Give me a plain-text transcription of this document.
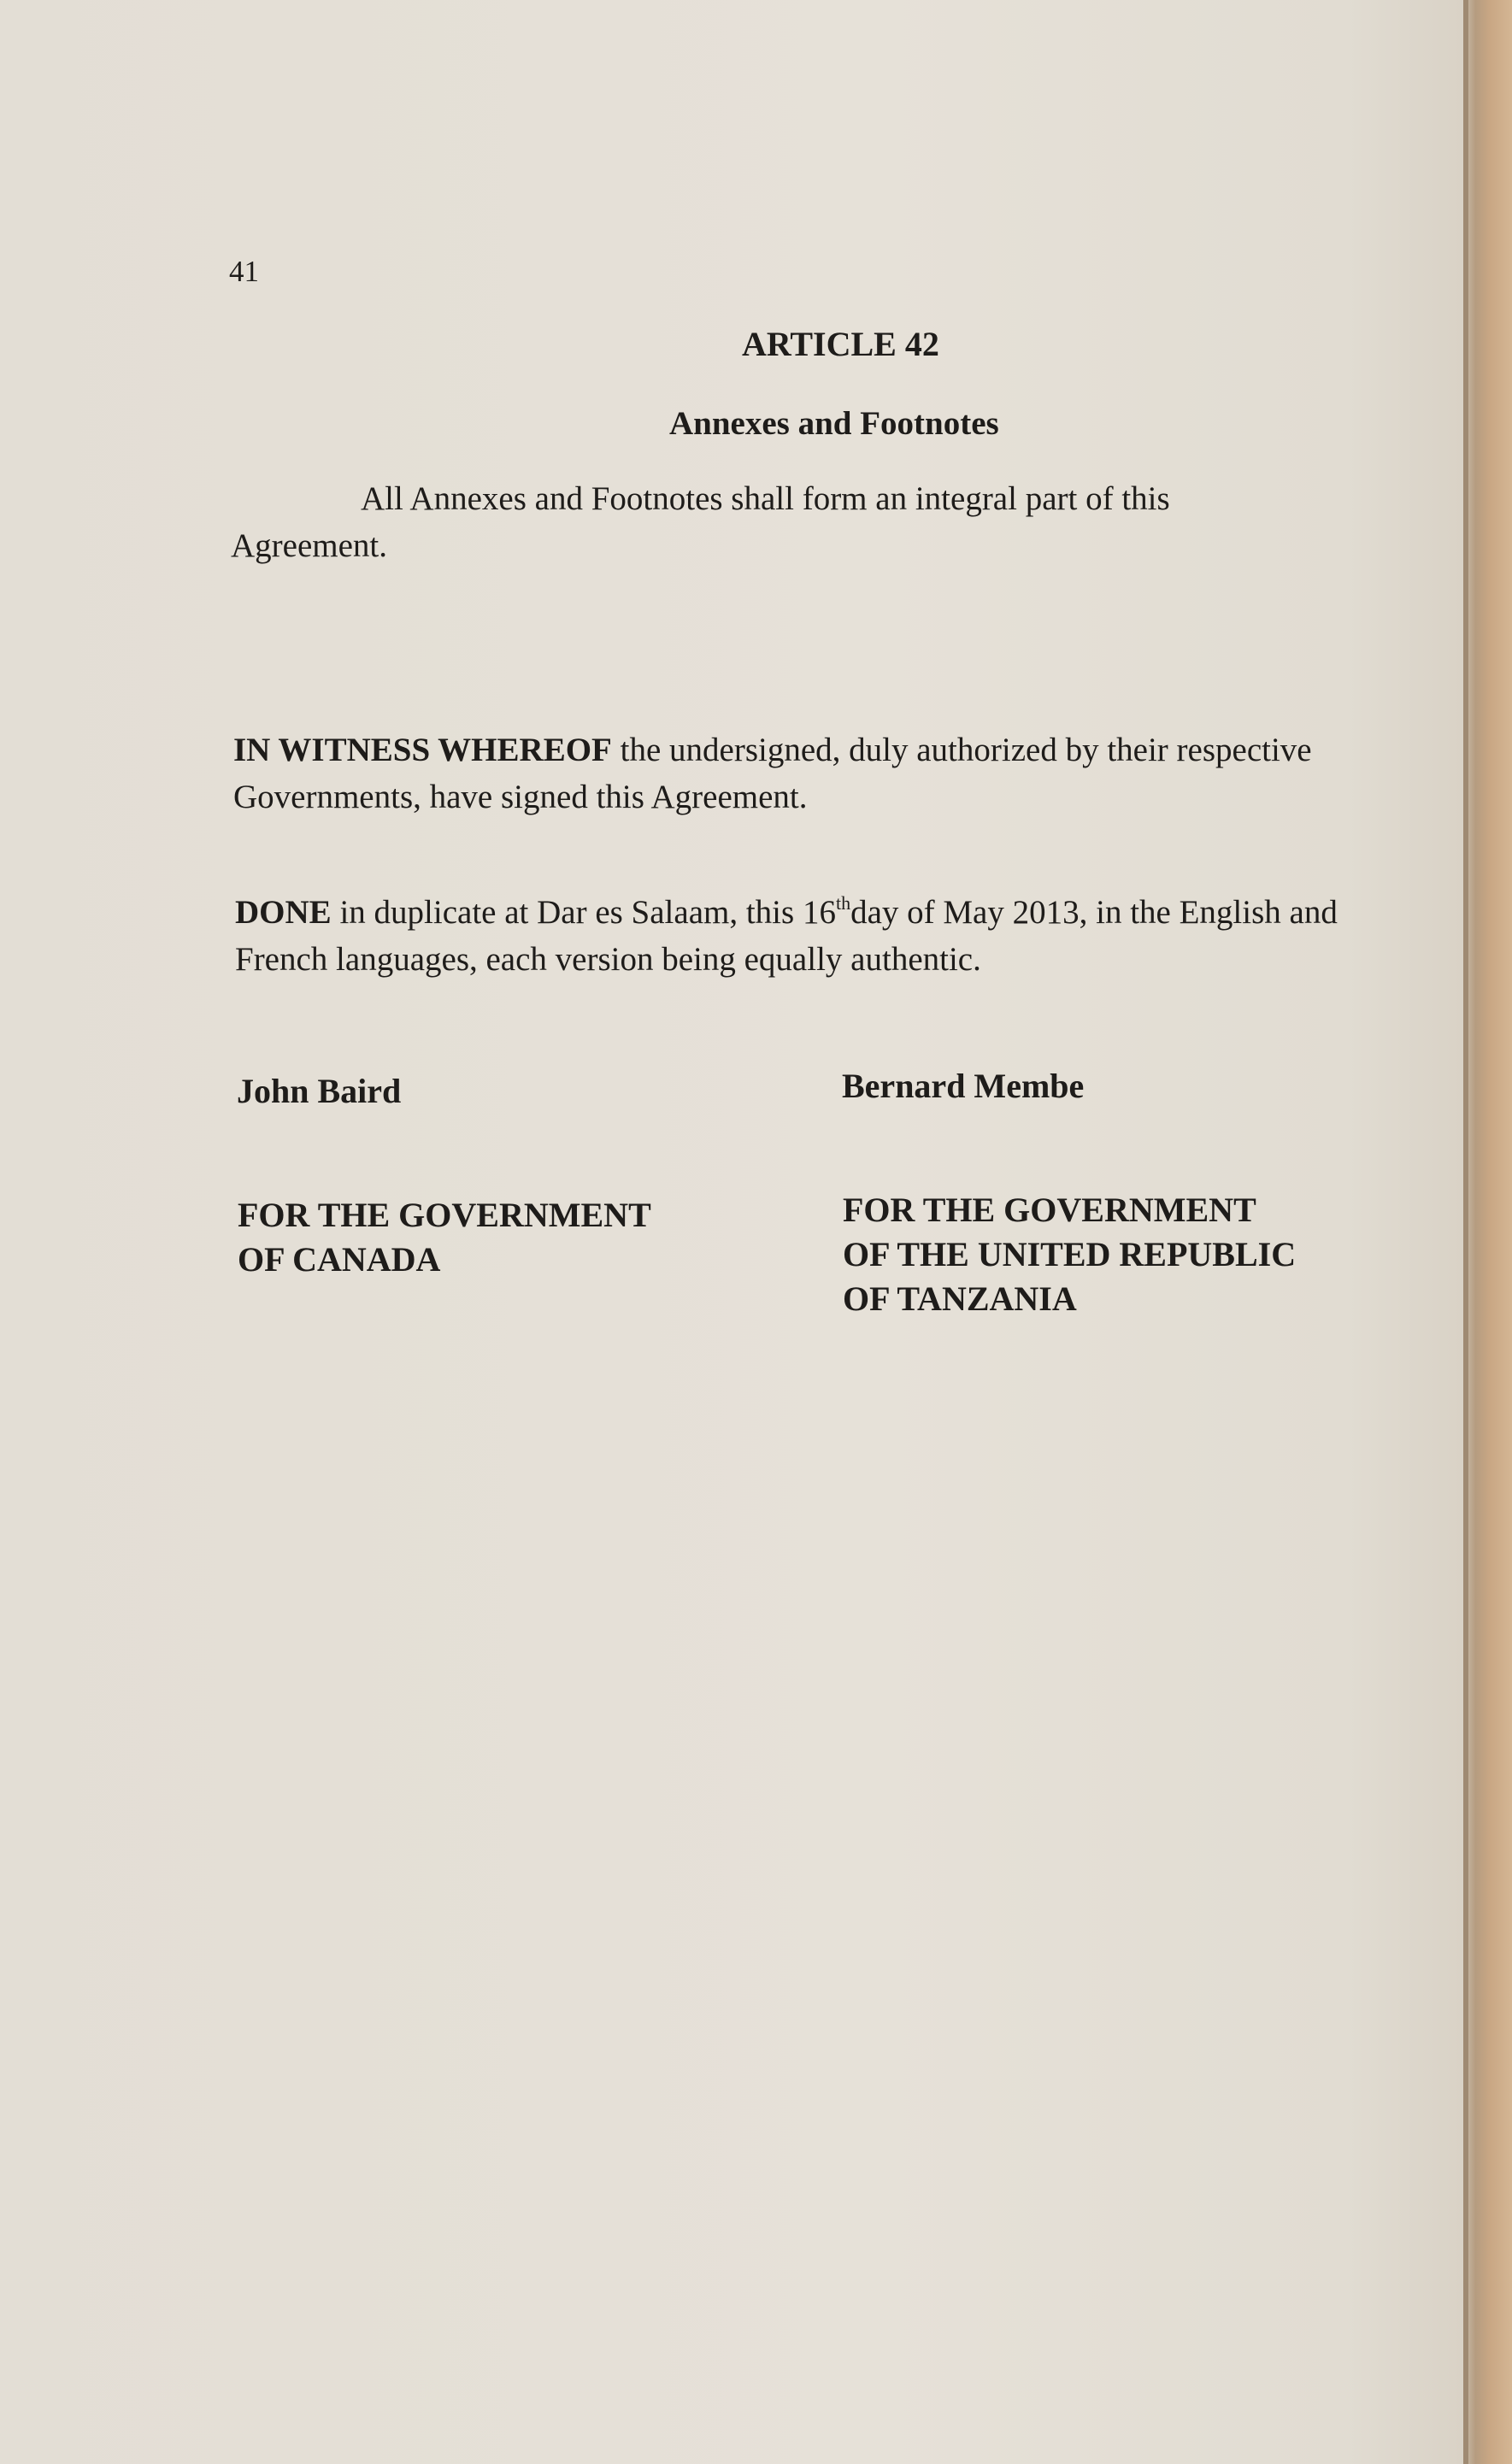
41

ARTICLE 42

Annexes and Footnotes

All Annexes and Footnotes shall form an integral part of this Agreement.

IN WITNESS WHEREOF the undersigned, duly authorized by their respective Governments, have signed this Agreement.

DONE in duplicate at Dar es Salaam, this 16thday of May 2013, in the English and French languages, each version being equally authentic.

John Baird	Bernard Membe

FOR THE GOVERNMENT
OF CANADA

FOR THE GOVERNMENT
OF THE UNITED REPUBLIC
OF TANZANIA
